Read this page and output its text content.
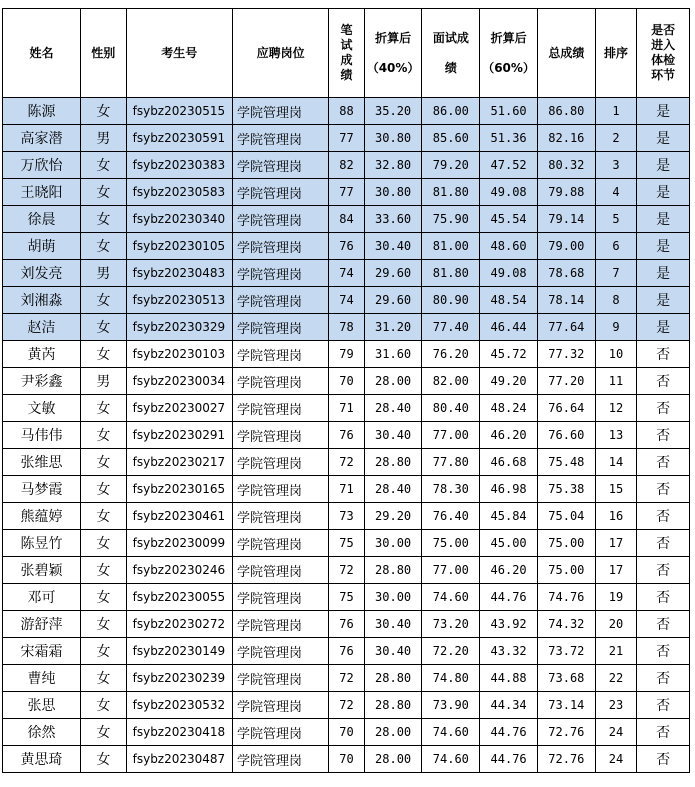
姓名	性别	考生号	应聘岗位	笔
试
成
绩	折算后

（40%）	面试成

绩	折算后

（60%）	总成绩	排序	是否
进入
体检
环节
陈源	女	fsybz20230515	学院管理岗	88	35.20	86.00	51.60	86.80	1	是
高家潜	男	fsybz20230591	学院管理岗	77	30.80	85.60	51.36	82.16	2	是
万欣怡	女	fsybz20230383	学院管理岗	82	32.80	79.20	47.52	80.32	3	是
王晓阳	女	fsybz20230583	学院管理岗	77	30.80	81.80	49.08	79.88	4	是
徐晨	女	fsybz20230340	学院管理岗	84	33.60	75.90	45.54	79.14	5	是
胡萌	女	fsybz20230105	学院管理岗	76	30.40	81.00	48.60	79.00	6	是
刘发亮	男	fsybz20230483	学院管理岗	74	29.60	81.80	49.08	78.68	7	是
刘湘淼	女	fsybz20230513	学院管理岗	74	29.60	80.90	48.54	78.14	8	是
赵洁	女	fsybz20230329	学院管理岗	78	31.20	77.40	46.44	77.64	9	是
黄芮	女	fsybz20230103	学院管理岗	79	31.60	76.20	45.72	77.32	10	否
尹彩鑫	男	fsybz20230034	学院管理岗	70	28.00	82.00	49.20	77.20	11	否
文敏	女	fsybz20230027	学院管理岗	71	28.40	80.40	48.24	76.64	12	否
马伟伟	女	fsybz20230291	学院管理岗	76	30.40	77.00	46.20	76.60	13	否
张维思	女	fsybz20230217	学院管理岗	72	28.80	77.80	46.68	75.48	14	否
马梦霞	女	fsybz20230165	学院管理岗	71	28.40	78.30	46.98	75.38	15	否
熊蕴婷	女	fsybz20230461	学院管理岗	73	29.20	76.40	45.84	75.04	16	否
陈昱竹	女	fsybz20230099	学院管理岗	75	30.00	75.00	45.00	75.00	17	否
张碧颖	女	fsybz20230246	学院管理岗	72	28.80	77.00	46.20	75.00	17	否
邓可	女	fsybz20230055	学院管理岗	75	30.00	74.60	44.76	74.76	19	否
游舒萍	女	fsybz20230272	学院管理岗	76	30.40	73.20	43.92	74.32	20	否
宋霜霜	女	fsybz20230149	学院管理岗	76	30.40	72.20	43.32	73.72	21	否
曹纯	女	fsybz20230239	学院管理岗	72	28.80	74.80	44.88	73.68	22	否
张思	女	fsybz20230532	学院管理岗	72	28.80	73.90	44.34	73.14	23	否
徐然	女	fsybz20230418	学院管理岗	70	28.00	74.60	44.76	72.76	24	否
黄思琦	女	fsybz20230487	学院管理岗	70	28.00	74.60	44.76	72.76	24	否
